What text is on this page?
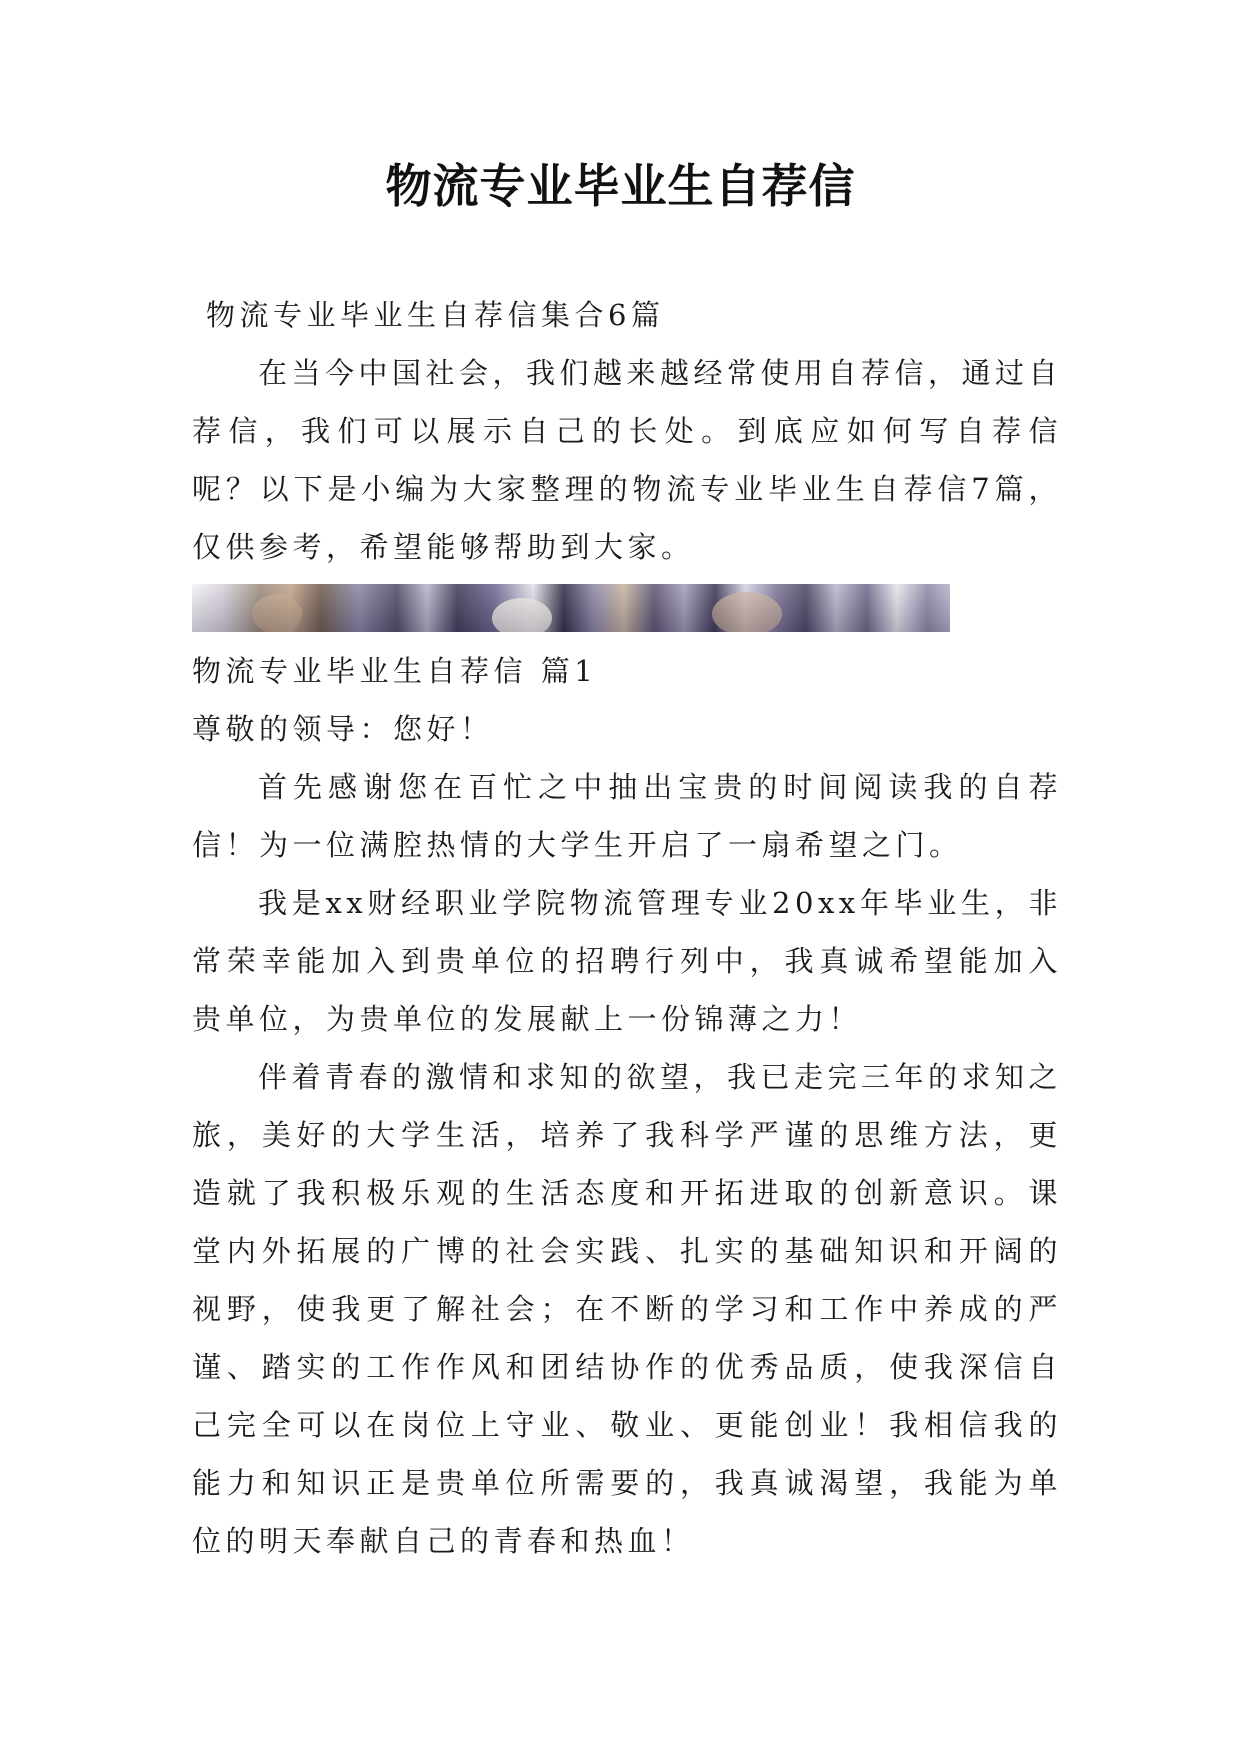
物流专业毕业生自荐信

物流专业毕业生自荐信集合6篇

在当今中国社会，我们越来越经常使用自荐信，通过自荐信，我们可以展示自己的长处。到底应如何写自荐信呢？以下是小编为大家整理的物流专业毕业生自荐信7篇，仅供参考，希望能够帮助到大家。

物流专业毕业生自荐信 篇1

尊敬的领导：您好！

首先感谢您在百忙之中抽出宝贵的时间阅读我的自荐信！为一位满腔热情的大学生开启了一扇希望之门。

我是xx财经职业学院物流管理专业20xx年毕业生，非常荣幸能加入到贵单位的招聘行列中，我真诚希望能加入贵单位，为贵单位的发展献上一份锦薄之力！

伴着青春的激情和求知的欲望，我已走完三年的求知之旅，美好的大学生活，培养了我科学严谨的思维方法，更造就了我积极乐观的生活态度和开拓进取的创新意识。课堂内外拓展的广博的社会实践、扎实的基础知识和开阔的视野，使我更了解社会；在不断的学习和工作中养成的严谨、踏实的工作作风和团结协作的优秀品质，使我深信自己完全可以在岗位上守业、敬业、更能创业！我相信我的能力和知识正是贵单位所需要的，我真诚渴望，我能为单位的明天奉献自己的青春和热血！
